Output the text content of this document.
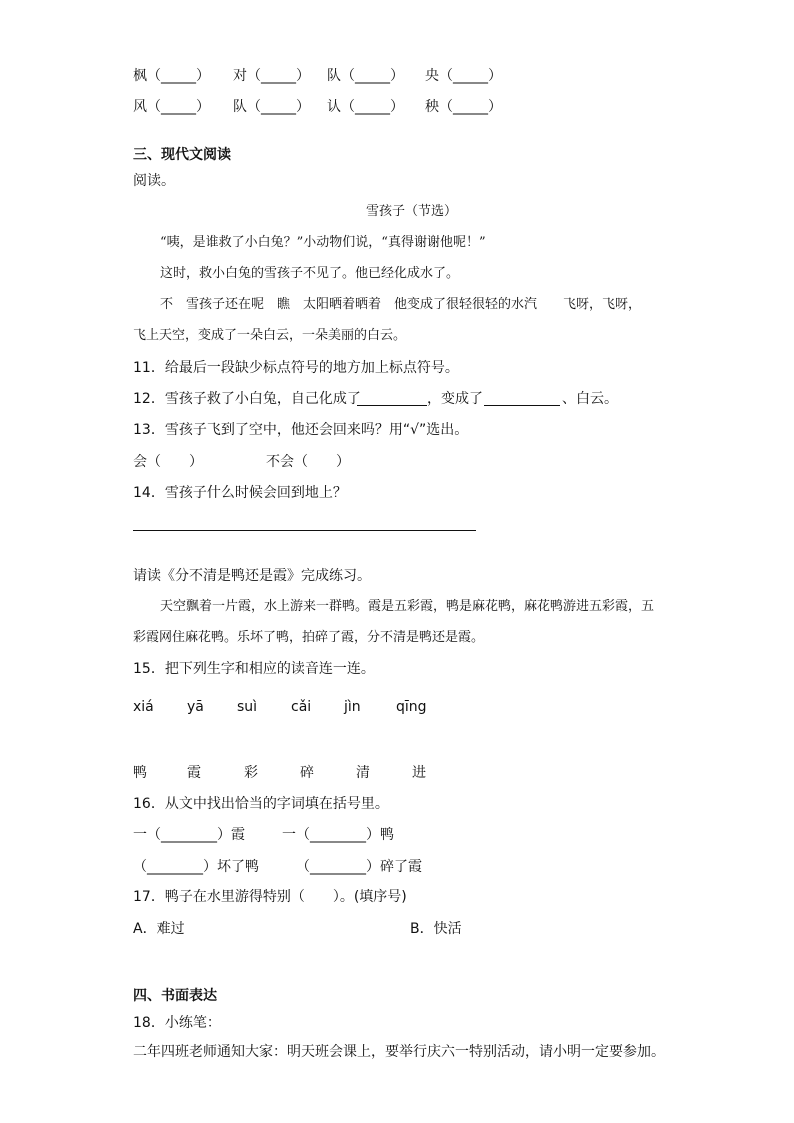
枫（_____） 对（_____） 队（_____） 央（_____）
风（_____） 队（_____） 认（_____） 秧（_____）
三、现代文阅读
阅读。
雪孩子（节选）
“咦，是谁救了小白兔？”小动物们说，“真得谢谢他呢！”
这时，救小白兔的雪孩子不见了。他已经化成水了。
不　雪孩子还在呢　瞧　太阳晒着晒着　他变成了很轻很轻的水汽　　飞呀，飞呀，
飞上天空，变成了一朵白云，一朵美丽的白云。
11．给最后一段缺少标点符号的地方加上标点符号。
12．雪孩子救了小白兔，自己化成了	，变成了	、白云。
13．雪孩子飞到了空中，他还会回来吗？用“√”选出。
会（　　）	不会（　　）
14．雪孩子什么时候会回到地上？
请读《分不清是鸭还是霞》完成练习。
天空飘着一片霞，水上游来一群鸭。霞是五彩霞，鸭是麻花鸭，麻花鸭游进五彩霞，五
彩霞网住麻花鸭。乐坏了鸭，拍碎了霞，分不清是鸭还是霞。
15．把下列生字和相应的读音连一连。
xiá yā suì cǎi jìn	qīng
鸭	霞	彩	碎	清	进
16．从文中找出恰当的字词填在括号里。
一（________）霞	一（________）鸭
（________）坏了鸭	（________）碎了霞
17．鸭子在水里游得特别（　　）。(填序号)
A．难过	B．快活
四、书面表达
18．小练笔：
二年四班老师通知大家：明天班会课上，要举行庆六一特别活动，请小明一定要参加。
